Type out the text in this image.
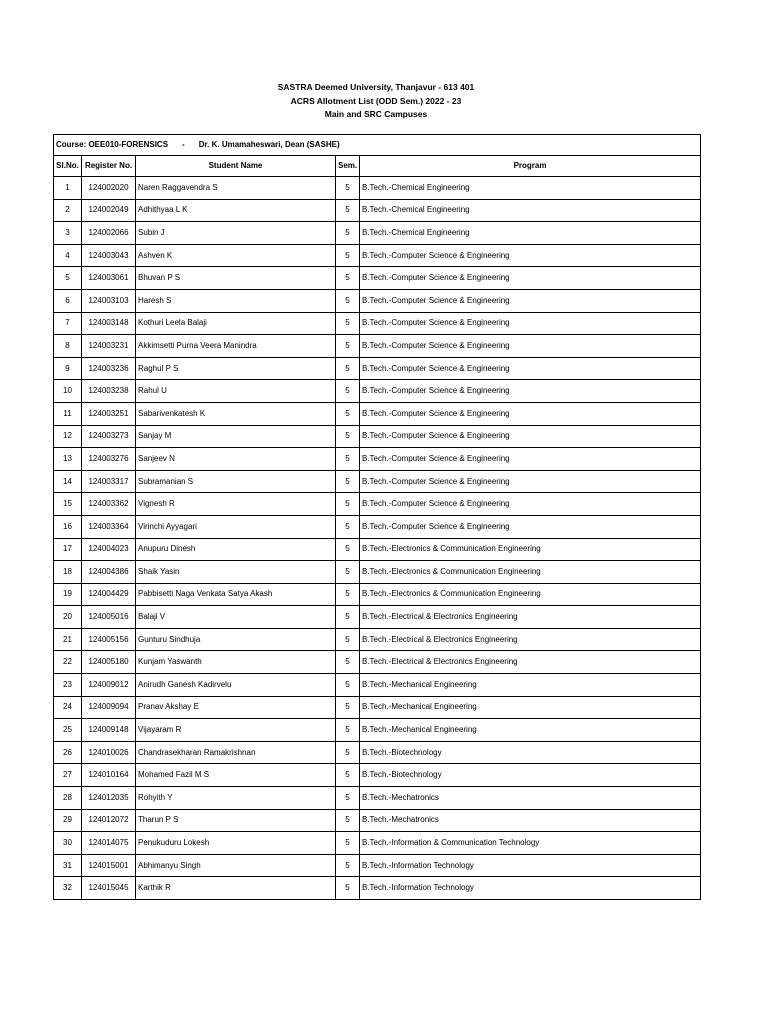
SASTRA Deemed University, Thanjavur - 613 401
ACRS Allotment List (ODD Sem.) 2022 - 23
Main and SRC Campuses
Course: OEE010-FORENSICS - Dr. K. Umamaheswari, Dean (SASHE)				
Sl.No.	Register No.	Student Name	Sem.	Program
1	124002020	Naren Raggavendra S	5	B.Tech.-Chemical Engineering
2	124002049	Adhithyaa L K	5	B.Tech.-Chemical Engineering
3	124002066	Subin J	5	B.Tech.-Chemical Engineering
4	124003043	Ashven K	5	B.Tech.-Computer Science & Engineering
5	124003061	Bhuvan P S	5	B.Tech.-Computer Science & Engineering
6	124003103	Haresh S	5	B.Tech.-Computer Science & Engineering
7	124003148	Kothuri Leela Balaji	5	B.Tech.-Computer Science & Engineering
8	124003231	Akkimsetti Purna Veera Manindra	5	B.Tech.-Computer Science & Engineering
9	124003236	Raghul P S	5	B.Tech.-Computer Science & Engineering
10	124003238	Rahul U	5	B.Tech.-Computer Science & Engineering
11	124003251	Sabarivenkatesh K	5	B.Tech.-Computer Science & Engineering
12	124003273	Sanjay M	5	B.Tech.-Computer Science & Engineering
13	124003276	Sanjeev N	5	B.Tech.-Computer Science & Engineering
14	124003317	Subramanian S	5	B.Tech.-Computer Science & Engineering
15	124003362	Vignesh R	5	B.Tech.-Computer Science & Engineering
16	124003364	Virinchi Ayyagari	5	B.Tech.-Computer Science & Engineering
17	124004023	Anupuru Dinesh	5	B.Tech.-Electronics & Communication Engineering
18	124004386	Shaik Yasin	5	B.Tech.-Electronics & Communication Engineering
19	124004429	Pabbisetti Naga Venkata Satya Akash	5	B.Tech.-Electronics & Communication Engineering
20	124005016	Balaji V	5	B.Tech.-Electrical & Electronics Engineering
21	124005156	Gunturu Sindhuja	5	B.Tech.-Electrical & Electronics Engineering
22	124005180	Kunjam Yaswanth	5	B.Tech.-Electrical & Electronics Engineering
23	124009012	Anirudh Ganesh Kadirvelu	5	B.Tech.-Mechanical Engineering
24	124009094	Pranav Akshay E	5	B.Tech.-Mechanical Engineering
25	124009148	Vijayaram R	5	B.Tech.-Mechanical Engineering
26	124010026	Chandrasekharan Ramakrishnan	5	B.Tech.-Biotechnology
27	124010164	Mohamed Fazil M S	5	B.Tech.-Biotechnology
28	124012035	Rohyith Y	5	B.Tech.-Mechatronics
29	124012072	Tharun P S	5	B.Tech.-Mechatronics
30	124014075	Penukuduru Lokesh	5	B.Tech.-Information & Communication Technology
31	124015001	Abhimanyu Singh	5	B.Tech.-Information Technology
32	124015045	Karthik R	5	B.Tech.-Information Technology
